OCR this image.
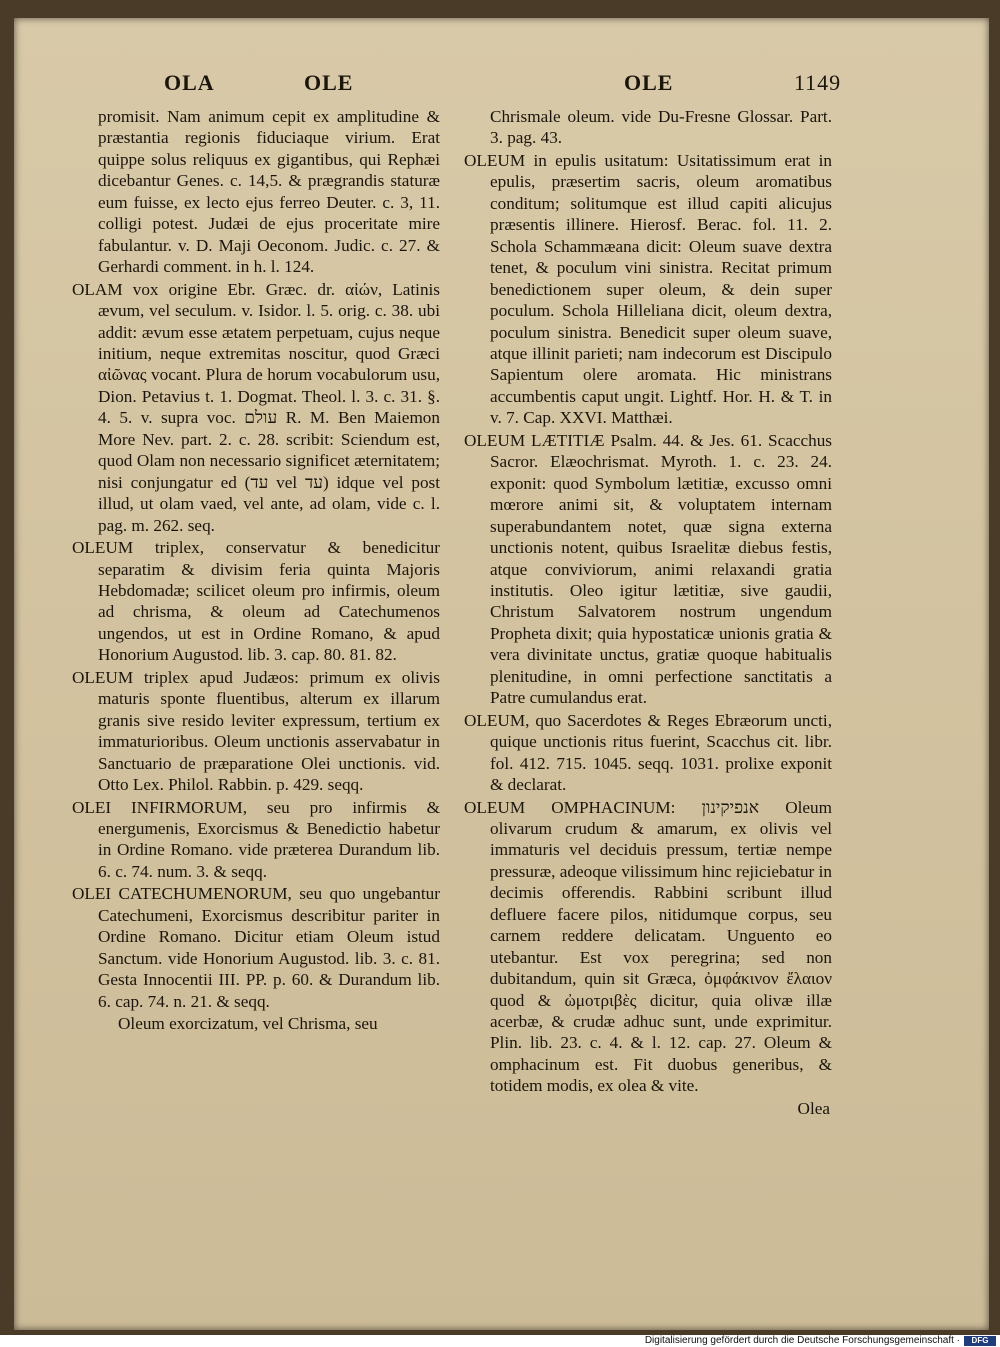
OLA	OLE	OLE	1149
promisit. Nam animum cepit ex amplitudine & præstantia regionis fiduciaque virium. Erat quippe solus reliquus ex gigantibus, qui Rephæi dicebantur Genes. c. 14,5. & prægrandis staturæ eum fuisse, ex lecto ejus ferreo Deuter. c. 3, 11. colligi potest. Judæi de ejus proceritate mire fabulantur. v. D. Maji Oeconom. Judic. c. 27. & Gerhardi comment. in h. l. 124.
OLAM vox origine Ebr. Græc. dr. αἰών, Latinis ævum, vel seculum. v. Isidor. l. 5. orig. c. 38. ubi addit: ævum esse ætatem perpetuam, cujus neque initium, neque extremitas noscitur, quod Græci αἰῶνας vocant. Plura de horum vocabulorum usu, Dion. Petavius t. 1. Dogmat. Theol. l. 3. c. 31. §. 4. 5. v. supra voc. עולם R. M. Ben Maiemon More Nev. part. 2. c. 28. scribit: Sciendum est, quod Olam non necessario significet æternitatem; nisi conjungatur ed (עד vel עד) idque vel post illud, ut olam vaed, vel ante, ad olam, vide c. l. pag. m. 262. seq.
OLEUM triplex, conservatur & benedicitur separatim & divisim feria quinta Majoris Hebdomadæ; scilicet oleum pro infirmis, oleum ad chrisma, & oleum ad Catechumenos ungendos, ut est in Ordine Romano, & apud Honorium Augustod. lib. 3. cap. 80. 81. 82.
OLEUM triplex apud Judæos: primum ex olivis maturis sponte fluentibus, alterum ex illarum granis sive resido leviter expressum, tertium ex immaturioribus. Oleum unctionis asservabatur in Sanctuario de præparatione Olei unctionis. vid. Otto Lex. Philol. Rabbin. p. 429. seqq.
OLEI INFIRMORUM, seu pro infirmis & energumenis, Exorcismus & Benedictio habetur in Ordine Romano. vide præterea Durandum lib. 6. c. 74. num. 3. & seqq.
OLEI CATECHUMENORUM, seu quo ungebantur Catechumeni, Exorcismus describitur pariter in Ordine Romano. Dicitur etiam Oleum istud Sanctum. vide Honorium Augustod. lib. 3. c. 81. Gesta Innocentii III. PP. p. 60. & Durandum lib. 6. cap. 74. n. 21. & seqq.
Oleum exorcizatum, vel Chrisma, seu
Chrismale oleum. vide Du-Fresne Glossar. Part. 3. pag. 43.
OLEUM in epulis usitatum: Usitatissimum erat in epulis, præsertim sacris, oleum aromatibus conditum; solitumque est illud capiti alicujus præsentis illinere. Hierosf. Berac. fol. 11. 2. Schola Schammæana dicit: Oleum suave dextra tenet, & poculum vini sinistra. Recitat primum benedictionem super oleum, & dein super poculum. Schola Hilleliana dicit, oleum dextra, poculum sinistra. Benedicit super oleum suave, atque illinit parieti; nam indecorum est Discipulo Sapientum olere aromata. Hic ministrans accumbentis caput ungit. Lightf. Hor. H. & T. in v. 7. Cap. XXVI. Matthæi.
OLEUM LÆTITIÆ Psalm. 44. & Jes. 61. Scacchus Sacror. Elæochrismat. Myroth. 1. c. 23. 24. exponit: quod Symbolum lætitiæ, excusso omni mœrore animi sit, & voluptatem internam superabundantem notet, quæ signa externa unctionis notent, quibus Israelitæ diebus festis, atque conviviorum, animi relaxandi gratia institutis. Oleo igitur lætitiæ, sive gaudii, Christum Salvatorem nostrum ungendum Propheta dixit; quia hypostaticæ unionis gratia & vera divinitate unctus, gratiæ quoque habitualis plenitudine, in omni perfectione sanctitatis a Patre cumulandus erat.
OLEUM, quo Sacerdotes & Reges Ebræorum uncti, quique unctionis ritus fuerint, Scacchus cit. libr. fol. 412. 715. 1045. seqq. 1031. prolixe exponit & declarat.
OLEUM OMPHACINUM: אנפיקינון Oleum olivarum crudum & amarum, ex olivis vel immaturis vel deciduis pressum, tertiæ nempe pressuræ, adeoque vilissimum hinc rejiciebatur in decimis offerendis. Rabbini scribunt illud defluere facere pilos, nitidumque corpus, seu carnem reddere delicatam. Unguento eo utebantur. Est vox peregrina; sed non dubitandum, quin sit Græca, ὀμφάκινον ἔλαιον quod & ὠμοτριβὲς dicitur, quia olivæ illæ acerbæ, & crudæ adhuc sunt, unde exprimitur. Plin. lib. 23. c. 4. & l. 12. cap. 27. Oleum & omphacinum est. Fit duobus generibus, & totidem modis, ex olea & vite.
Olea
Digitalisierung gefördert durch die Deutsche Forschungsgemeinschaft ·	DFG
